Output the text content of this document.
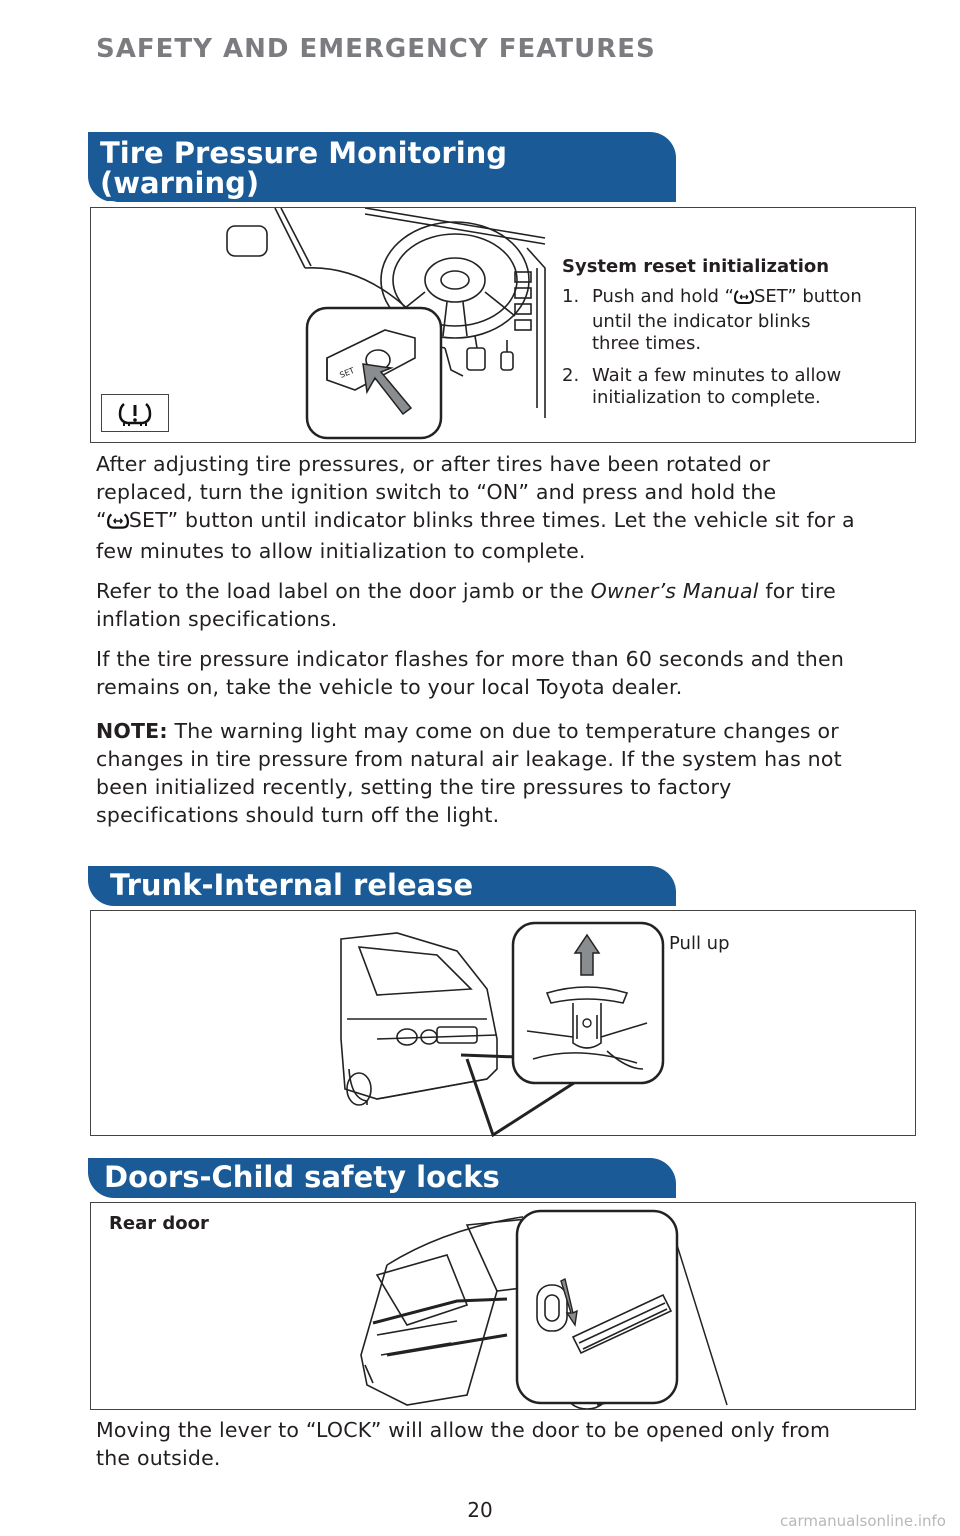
SAFETY AND EMERGENCY FEATURES
Tire Pressure Monitoring (warning)
SET
System reset initialization
1. Push and hold “ SET” button
until the indicator blinks
three times.
2. Wait a few minutes to allow
initialization to complete.

After adjusting tire pressures, or after tires have been rotated or
replaced, turn the ignition switch to “ON” and press and hold the
“ SET” button until indicator blinks three times. Let the vehicle sit for a
few minutes to allow initialization to complete.

Refer to the load label on the door jamb or the Owner’s Manual for tire
inflation specifications.

If the tire pressure indicator flashes for more than 60 seconds and then
remains on, take the vehicle to your local Toyota dealer.

NOTE: The warning light may come on due to temperature changes or
changes in tire pressure from natural air leakage. If the system has not
been initialized recently, setting the tire pressures to factory
specifications should turn off the light.

Trunk-Internal release
Pull up
Doors-Child safety locks
Rear door

Moving the lever to “LOCK” will allow the door to be opened only from
the outside.

20	carmanualsonline.info
